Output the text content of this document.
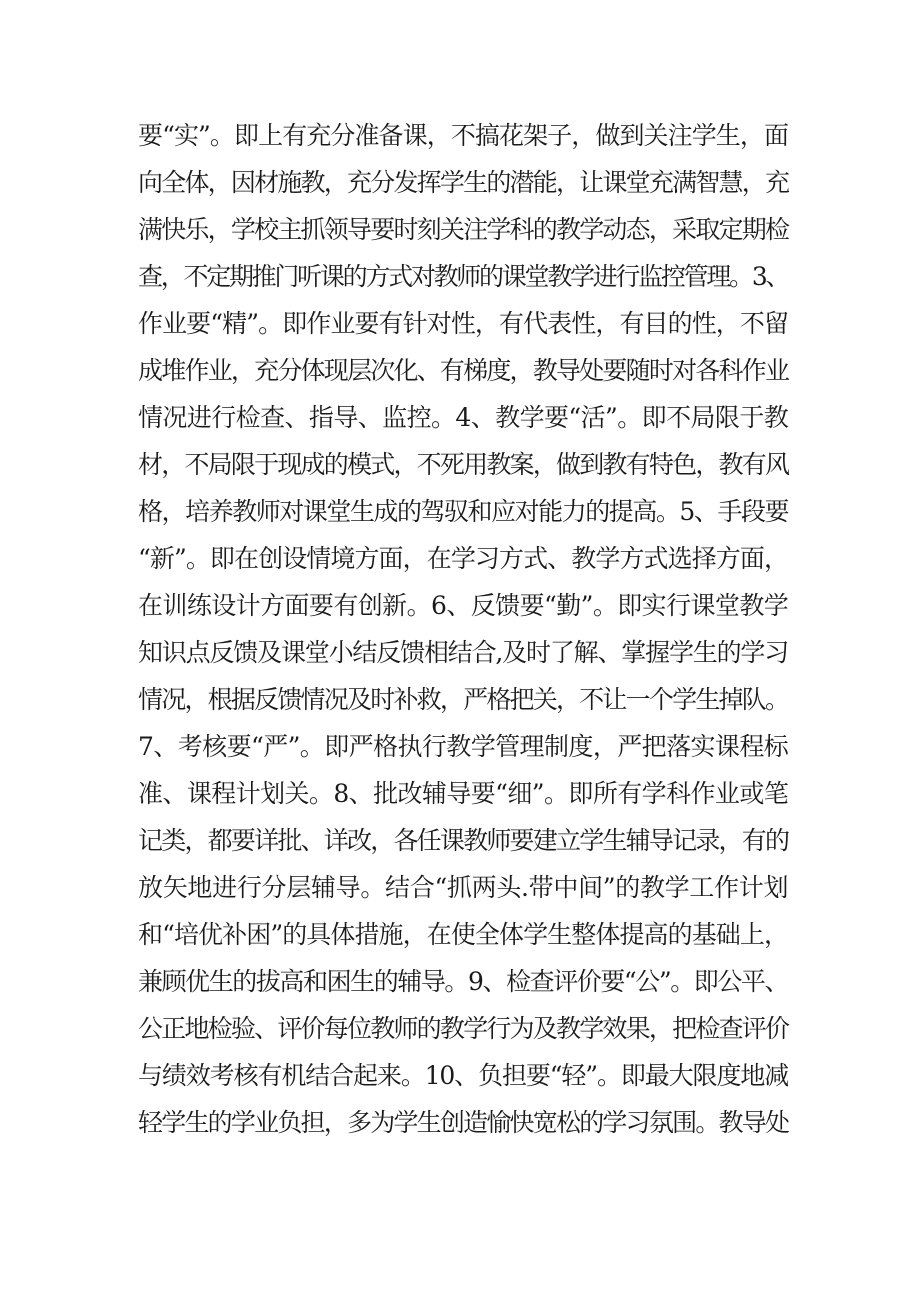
要“实”。即上有充分准备课，不搞花架子，做到关注学生，面
向全体，因材施教，充分发挥学生的潜能，让课堂充满智慧，充
满快乐，学校主抓领导要时刻关注学科的教学动态，采取定期检
查，不定期推门听课的方式对教师的课堂教学进行监控管理。3、
作业要“精”。即作业要有针对性，有代表性，有目的性，不留
成堆作业，充分体现层次化、有梯度，教导处要随时对各科作业
情况进行检查、指导、监控。4、教学要“活”。即不局限于教
材，不局限于现成的模式，不死用教案，做到教有特色，教有风
格，培养教师对课堂生成的驾驭和应对能力的提高。5、手段要
“新”。即在创设情境方面，在学习方式、教学方式选择方面，
在训练设计方面要有创新。6、反馈要“勤”。即实行课堂教学
知识点反馈及课堂小结反馈相结合,及时了解、掌握学生的学习
情况，根据反馈情况及时补救，严格把关，不让一个学生掉队。
7、考核要“严”。即严格执行教学管理制度，严把落实课程标
准、课程计划关。8、批改辅导要“细”。即所有学科作业或笔
记类，都要详批、详改，各任课教师要建立学生辅导记录，有的
放矢地进行分层辅导。结合“抓两头.带中间”的教学工作计划
和“培优补困”的具体措施，在使全体学生整体提高的基础上，
兼顾优生的拔高和困生的辅导。9、检查评价要“公”。即公平、
公正地检验、评价每位教师的教学行为及教学效果，把检查评价
与绩效考核有机结合起来。10、负担要“轻”。即最大限度地减
轻学生的学业负担，多为学生创造愉快宽松的学习氛围。教导处
